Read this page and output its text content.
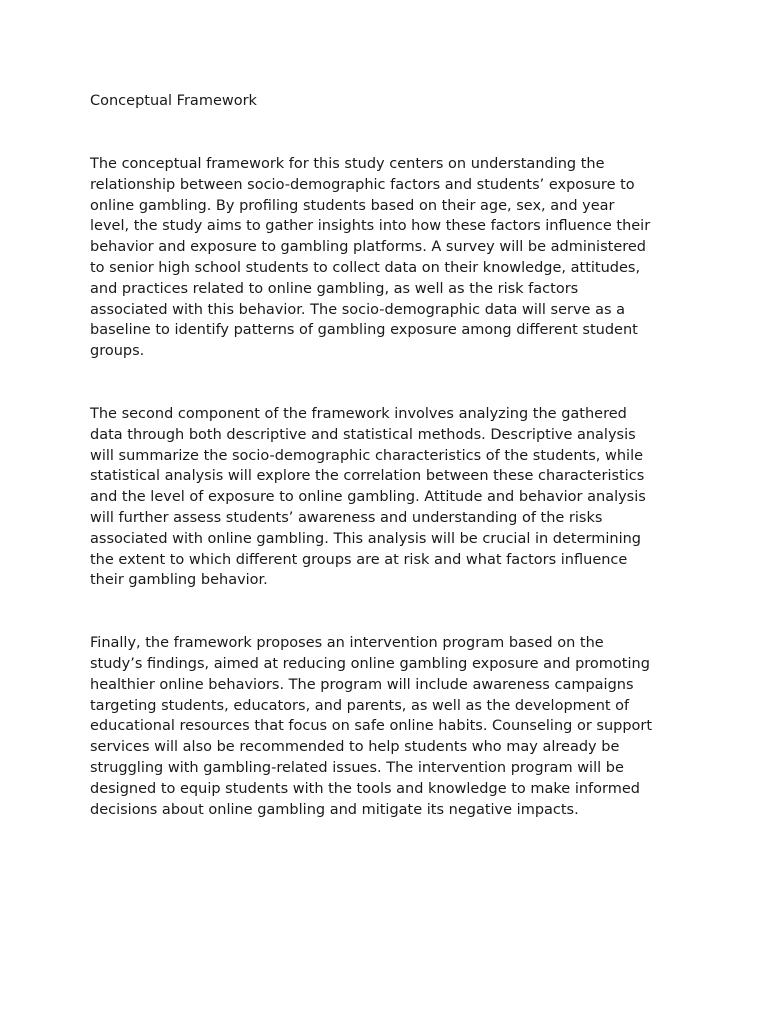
Conceptual Framework

The conceptual framework for this study centers on understanding the
relationship between socio-demographic factors and students’ exposure to
online gambling. By profiling students based on their age, sex, and year
level, the study aims to gather insights into how these factors influence their
behavior and exposure to gambling platforms. A survey will be administered
to senior high school students to collect data on their knowledge, attitudes,
and practices related to online gambling, as well as the risk factors
associated with this behavior. The socio-demographic data will serve as a
baseline to identify patterns of gambling exposure among different student
groups.

The second component of the framework involves analyzing the gathered
data through both descriptive and statistical methods. Descriptive analysis
will summarize the socio-demographic characteristics of the students, while
statistical analysis will explore the correlation between these characteristics
and the level of exposure to online gambling. Attitude and behavior analysis
will further assess students’ awareness and understanding of the risks
associated with online gambling. This analysis will be crucial in determining
the extent to which different groups are at risk and what factors influence
their gambling behavior.

Finally, the framework proposes an intervention program based on the
study’s findings, aimed at reducing online gambling exposure and promoting
healthier online behaviors. The program will include awareness campaigns
targeting students, educators, and parents, as well as the development of
educational resources that focus on safe online habits. Counseling or support
services will also be recommended to help students who may already be
struggling with gambling-related issues. The intervention program will be
designed to equip students with the tools and knowledge to make informed
decisions about online gambling and mitigate its negative impacts.
